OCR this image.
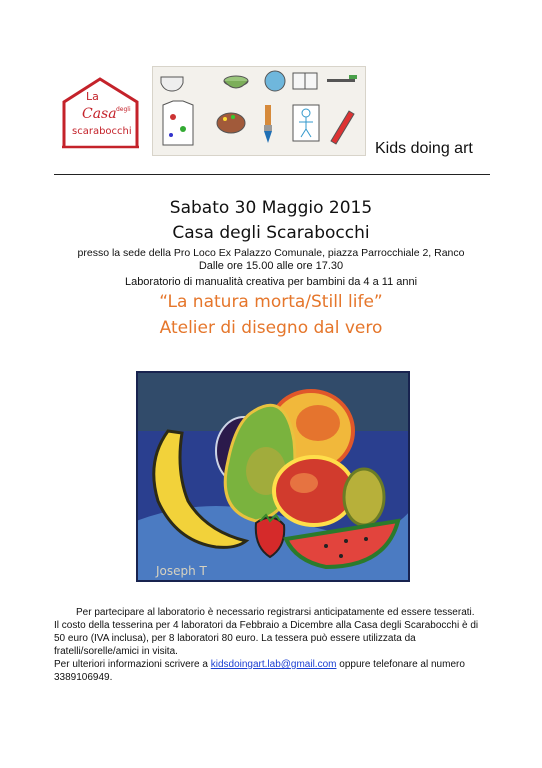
La
Casa degli
scarabocchi
Kids doing art
Sabato 30 Maggio 2015
Casa degli Scarabocchi
presso la sede della Pro Loco Ex Palazzo Comunale, piazza Parrocchiale 2, Ranco
Dalle ore 15.00 alle ore 17.30
Laboratorio di manualità creativa per bambini da 4 a 11 anni
“La natura morta/Still life”
Atelier di disegno dal vero
Joseph T

Per partecipare al laboratorio è necessario registrarsi anticipatamente ed essere tesserati.

Il costo della tesserina per 4 laboratori da Febbraio a Dicembre alla Casa degli Scarabocchi è di 50 euro (IVA inclusa), per 8 laboratori 80 euro. La tessera può essere utilizzata da fratelli/sorelle/amici in visita.

Per ulteriori informazioni scrivere a kidsdoingart.lab@gmail.com oppure telefonare al numero 3389106949.
